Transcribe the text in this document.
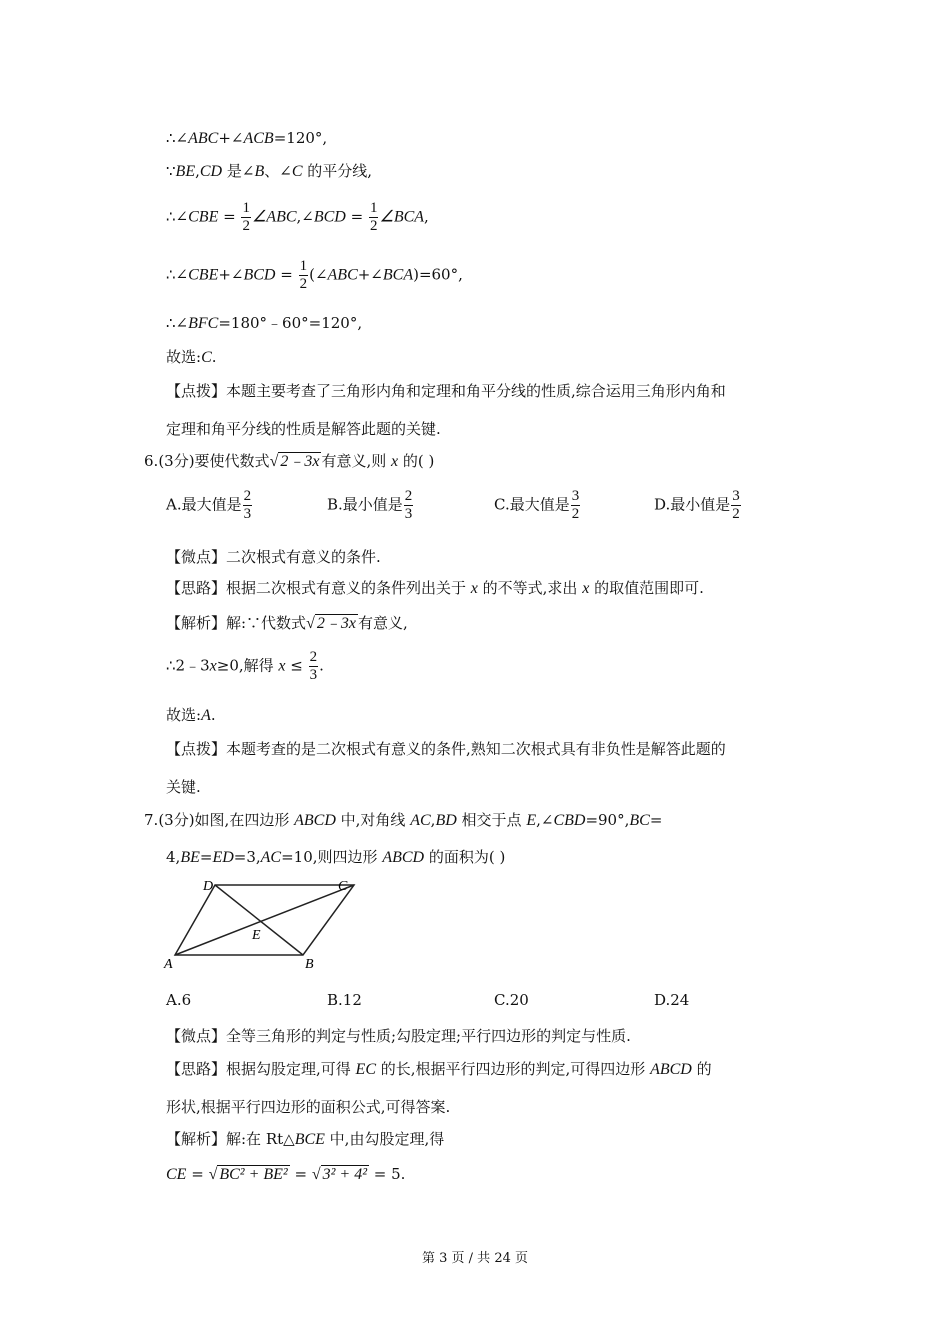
∴∠ABC+∠ACB=120°,
∵BE,CD 是∠B、∠C 的平分线,
∴∠CBE = $\frac{1}{2}$ ∠ABC,∠BCD = $\frac{1}{2}$ ∠BCA,
∴∠CBE+∠BCD = $\frac{1}{2}$ (∠ABC+∠BCA)=60°,
∴∠BFC=180°﹣60°=120°,
故选:C.
【点拨】本题主要考查了三角形内角和定理和角平分线的性质,综合运用三角形内角和
定理和角平分线的性质是解答此题的关键.
6.(3分)要使代数式√ 2﹣3x 有意义,则 x 的( )
A.最大值是 $\frac{2}{3}$	B.最小值是 $\frac{2}{3}$	C.最大值是 $\frac{3}{2}$	D.最小值是 $\frac{3}{2}$
【微点】二次根式有意义的条件.
【思路】根据二次根式有意义的条件列出关于 x 的不等式,求出 x 的取值范围即可.
【解析】解:∵代数式√ 2﹣3x 有意义,
∴2﹣3x≥0,解得 $x \le \frac{2}{3}$ .
故选:A.
【点拨】本题考查的是二次根式有意义的条件,熟知二次根式具有非负性是解答此题的
关键.
7.(3分)如图,在四边形 ABCD 中,对角线 AC,BD 相交于点 E,∠CBD=90°,BC=
4,BE=ED=3,AC=10,则四边形 ABCD 的面积为( )
A	B
C
D
E
A.6	B.12	C.20	D.24
【微点】全等三角形的判定与性质;勾股定理;平行四边形的判定与性质.
【思路】根据勾股定理,可得 EC 的长,根据平行四边形的判定,可得四边形 ABCD 的
形状,根据平行四边形的面积公式,可得答案.
【解析】解:在 Rt△BCE 中,由勾股定理,得
CE = √ BC² + BE² = √ 3² + 4² = 5.
第 3 页 / 共 24 页
